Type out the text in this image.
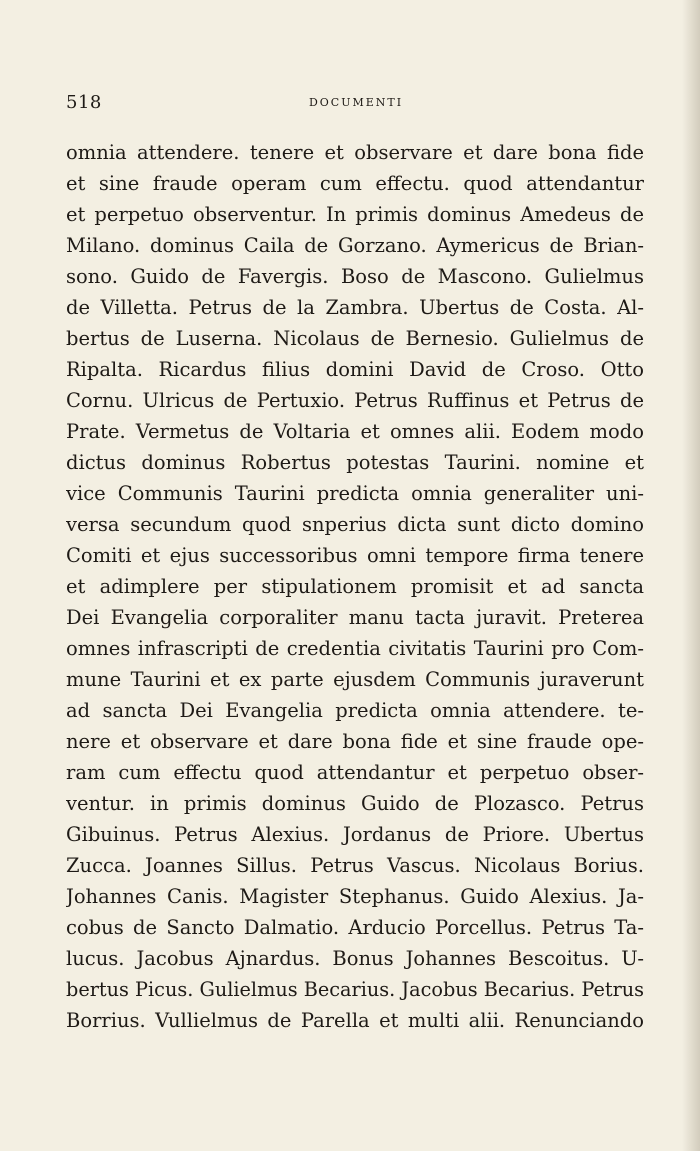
518	DOCUMENTI
omnia attendere. tenere et observare et dare bona fide
et sine fraude operam cum effectu. quod attendantur
et perpetuo observentur. In primis dominus Amedeus de
Milano. dominus Caila de Gorzano. Aymericus de Brian-
sono. Guido de Favergis. Boso de Mascono. Gulielmus
de Villetta. Petrus de la Zambra. Ubertus de Costa. Al-
bertus de Luserna. Nicolaus de Bernesio. Gulielmus de
Ripalta. Ricardus filius domini David de Croso. Otto
Cornu. Ulricus de Pertuxio. Petrus Ruffinus et Petrus de
Prate. Vermetus de Voltaria et omnes alii. Eodem modo
dictus dominus Robertus potestas Taurini. nomine et
vice Communis Taurini predicta omnia generaliter uni-
versa secundum quod snperius dicta sunt dicto domino
Comiti et ejus successoribus omni tempore firma tenere
et adimplere per stipulationem promisit et ad sancta
Dei Evangelia corporaliter manu tacta juravit. Preterea
omnes infrascripti de credentia civitatis Taurini pro Com-
mune Taurini et ex parte ejusdem Communis juraverunt
ad sancta Dei Evangelia predicta omnia attendere. te-
nere et observare et dare bona fide et sine fraude ope-
ram cum effectu quod attendantur et perpetuo obser-
ventur. in primis dominus Guido de Plozasco. Petrus
Gibuinus. Petrus Alexius. Jordanus de Priore. Ubertus
Zucca. Joannes Sillus. Petrus Vascus. Nicolaus Borius.
Johannes Canis. Magister Stephanus. Guido Alexius. Ja-
cobus de Sancto Dalmatio. Arducio Porcellus. Petrus Ta-
lucus. Jacobus Ajnardus. Bonus Johannes Bescoitus. U-
bertus Picus. Gulielmus Becarius. Jacobus Becarius. Petrus
Borrius. Vullielmus de Parella et multi alii. Renunciando
